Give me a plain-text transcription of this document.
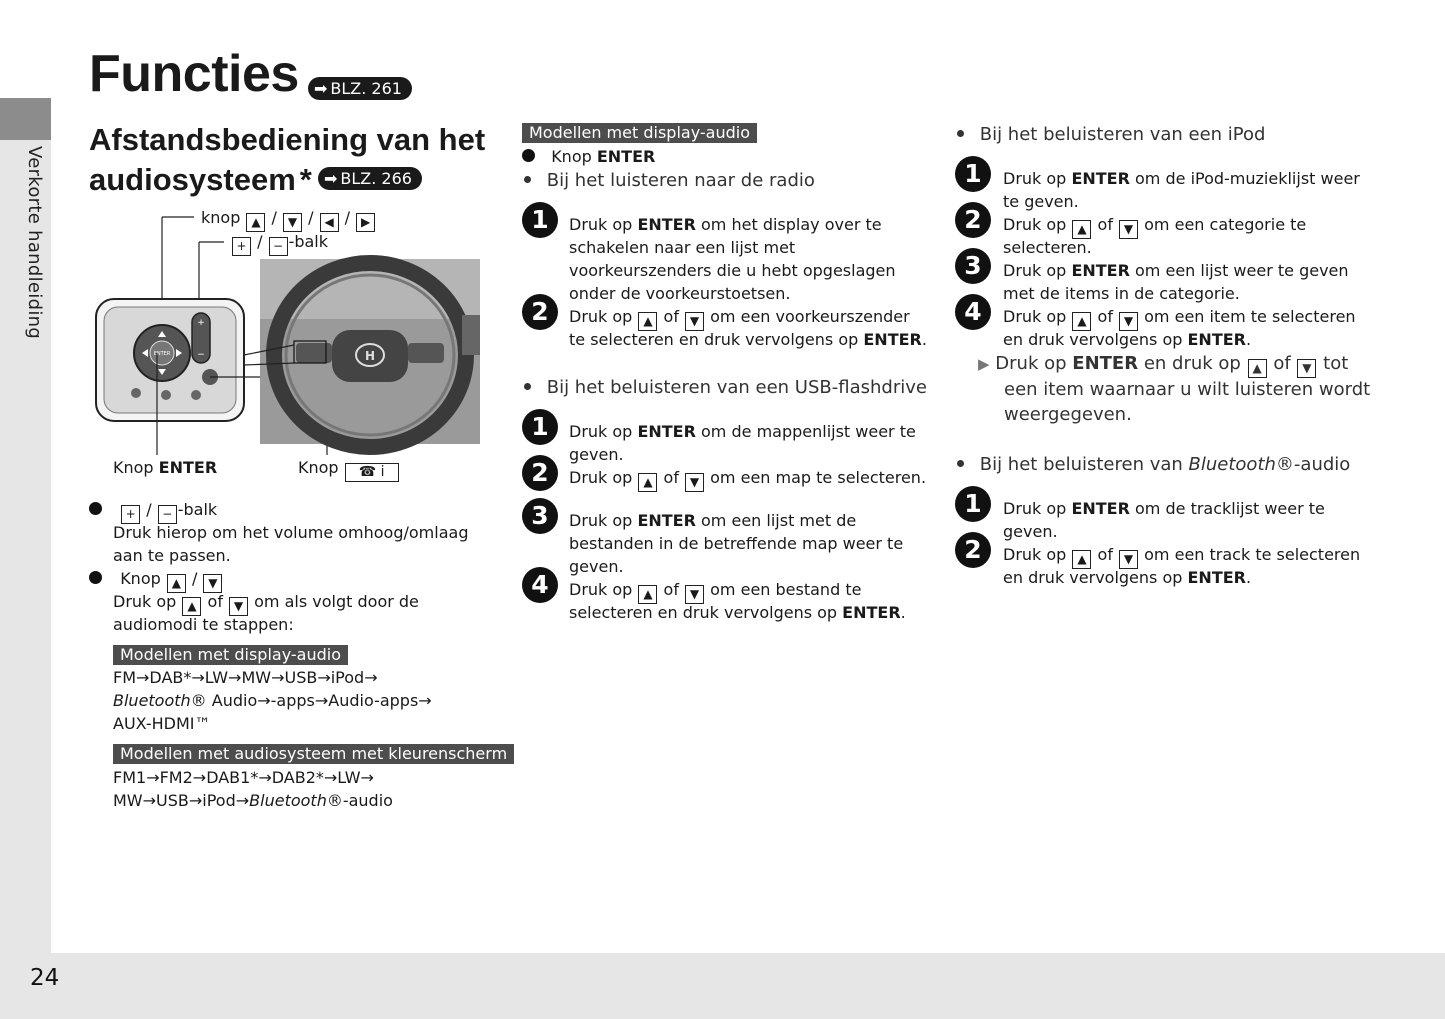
Verkorte handleiding
24
Functies ➡ BLZ. 261
Afstandsbediening van het
audiosysteem * ➡ BLZ. 266
knop ▲ / ▼ / ◀ / ▶
+ / − -balk
ENTER
+
−	H
Knop ENTER	Knop ☎ i
+ / − -balk
Druk hierop om het volume omhoog/omlaag
aan te passen.
Knop ▲ / ▼
Druk op ▲ of ▼ om als volgt door de
audiomodi te stappen:
Modellen met display-audio
FM→DAB*→LW→MW→USB→iPod→
Bluetooth® Audio→-apps→Audio-apps→
AUX-HDMI™
Modellen met audiosysteem met kleurenscherm
FM1→FM2→DAB1*→DAB2*→LW→
MW→USB→iPod→Bluetooth®-audio
Modellen met display-audio
Knop ENTER
Bij het luisteren naar de radio
1	Druk op ENTER om het display over te
schakelen naar een lijst met
voorkeurszenders die u hebt opgeslagen
onder de voorkeurstoetsen.
2	Druk op ▲ of ▼ om een voorkeurszender
te selecteren en druk vervolgens op ENTER.
Bij het beluisteren van een USB-flashdrive
1	Druk op ENTER om de mappenlijst weer te
geven.
2	Druk op ▲ of ▼ om een map te selecteren.
3	Druk op ENTER om een lijst met de
bestanden in de betreffende map weer te
geven.
4	Druk op ▲ of ▼ om een bestand te
selecteren en druk vervolgens op ENTER.
Bij het beluisteren van een iPod
1	Druk op ENTER om de iPod-muzieklijst weer
te geven.
2	Druk op ▲ of ▼ om een categorie te
selecteren.
3	Druk op ENTER om een lijst weer te geven
met de items in de categorie.
4	Druk op ▲ of ▼ om een item te selecteren
en druk vervolgens op ENTER.
▶ Druk op ENTER en druk op ▲ of ▼ tot
een item waarnaar u wilt luisteren wordt
weergegeven.
Bij het beluisteren van Bluetooth®-audio
1	Druk op ENTER om de tracklijst weer te
geven.
2	Druk op ▲ of ▼ om een track te selecteren
en druk vervolgens op ENTER.
